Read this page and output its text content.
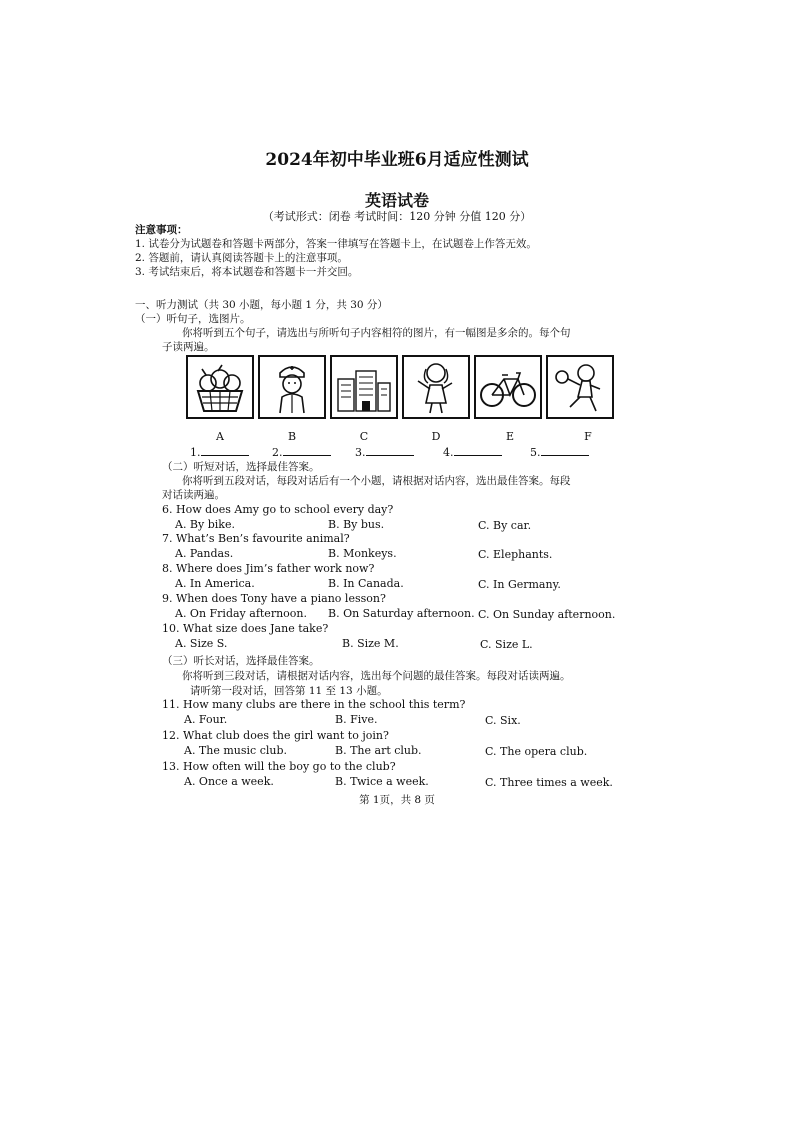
2024年初中毕业班6月适应性测试
英语试卷
（考试形式：闭卷 考试时间：120 分钟 分值 120 分）
注意事项：
1. 试卷分为试题卷和答题卡两部分，答案一律填写在答题卡上，在试题卷上作答无效。
2. 答题前，请认真阅读答题卡上的注意事项。
3. 考试结束后，将本试题卷和答题卡一并交回。
一、听力测试（共 30 小题，每小题 1 分，共 30 分）
（一）听句子，选图片。
你将听到五个句子，请选出与所听句子内容相符的图片，有一幅图是多余的。每个句
子读两遍。
A	B	C	D	E	F
1.	2.	3.	4.	5.
（二）听短对话，选择最佳答案。
你将听到五段对话，每段对话后有一个小题，请根据对话内容，选出最佳答案。每段
对话读两遍。
6. How does Amy go to school every day?
A. By bike.	B. By bus.	C. By car.
7. What’s Ben’s favourite animal?
A. Pandas.	B. Monkeys.	C. Elephants.
8. Where does Jim’s father work now?
A. In America.	B. In Canada.	C. In Germany.
9. When does Tony have a piano lesson?
A. On Friday afternoon. B. On Saturday afternoon. C. On Sunday afternoon.
10. What size does Jane take?
A. Size S.	B. Size M.	C. Size L.
（三）听长对话，选择最佳答案。
你将听到三段对话，请根据对话内容，选出每个问题的最佳答案。每段对话读两遍。
请听第一段对话，回答第 11 至 13 小题。
11. How many clubs are there in the school this term?
A. Four.	B. Five.	C. Six.
12. What club does the girl want to join?
A. The music club.	B. The art club.	C. The opera club.
13. How often will the boy go to the club?
A. Once a week.	B. Twice a week.	C. Three times a week.
第 1页，共 8 页
